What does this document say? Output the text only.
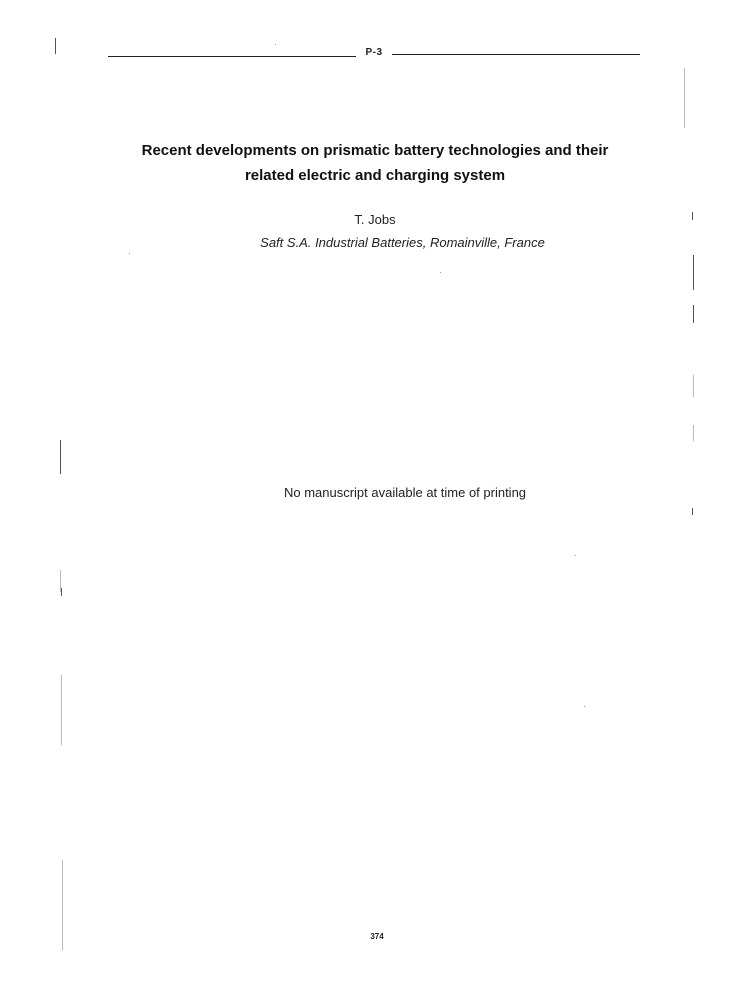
P-3
Recent developments on prismatic battery technologies and their
related electric and charging system
T. Jobs
Saft S.A. Industrial Batteries, Romainville, France
No manuscript available at time of printing
374
